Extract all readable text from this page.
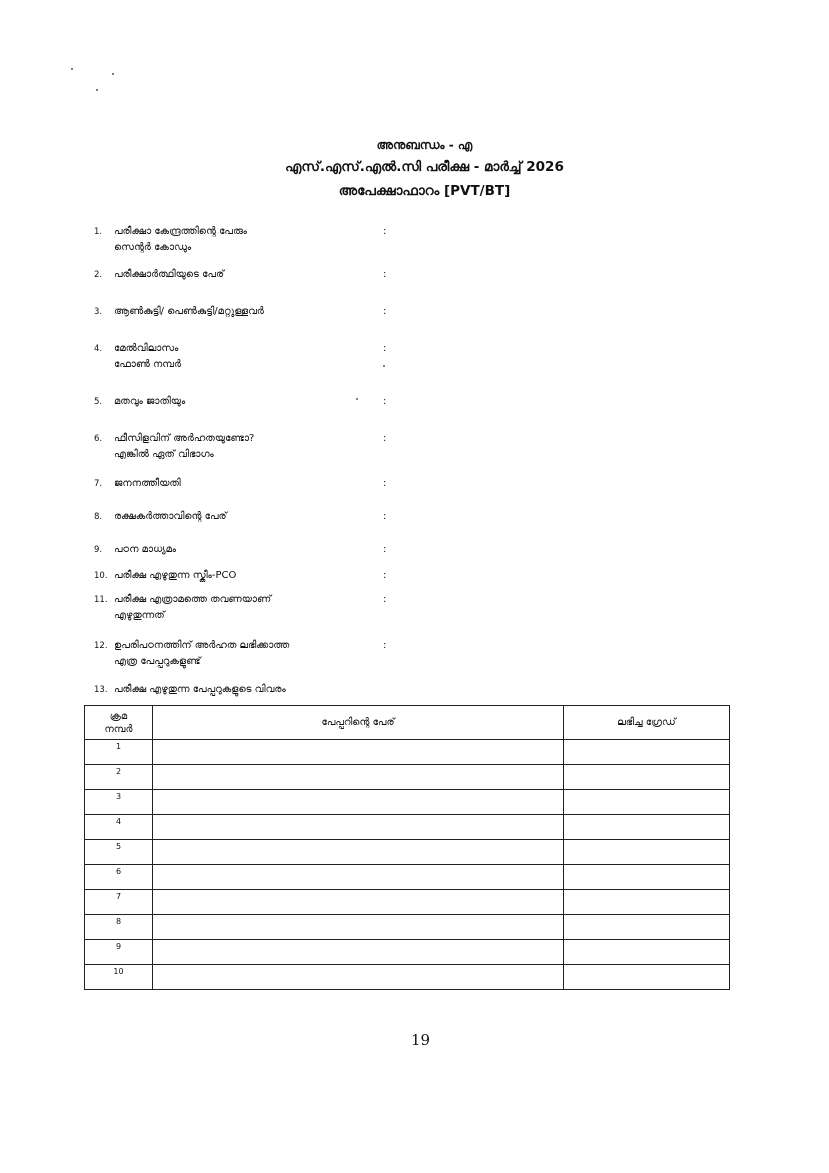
അനുബന്ധം - എ
എസ്.എസ്.എൽ.സി പരീക്ഷ - മാർച്ച് 2026
അപേക്ഷാഫാറം [PVT/BT]
1.	പരീക്ഷാ കേന്ദ്രത്തിന്റെ പേരും
സെന്റർ കോഡും
:
2.	പരീക്ഷാർത്ഥിയുടെ പേര്	:
3.	ആൺകുട്ടി/ പെൺകുട്ടി/മറ്റുള്ളവർ	:
4.	മേൽവിലാസം
ഫോൺ നമ്പർ
:
5.	മതവും ജാതിയും	:
6.	ഫീസിളവിന് അർഹതയുണ്ടോ?
എങ്കിൽ ഏത് വിഭാഗം
:
7.	ജനനത്തീയതി	:
8.	രക്ഷകർത്താവിന്റെ പേര്	:
9.	പഠന മാധ്യമം	:
10. പരീക്ഷ എഴുതുന്ന സ്കീം-PCO	:
11. പരീക്ഷ എത്രാമത്തെ തവണയാണ്
എഴുതുന്നത്
:
12. ഉപരിപഠനത്തിന് അർഹത ലഭിക്കാത്ത
എത്ര പേപ്പറുകളുണ്ട്
:
13. പരീക്ഷ എഴുതുന്ന പേപ്പറുകളുടെ വിവരം
ക്രമ
നമ്പർ	പേപ്പറിന്റെ പേര്	ലഭിച്ച ഗ്രേഡ്
1		
2		
3		
4		
5		
6		
7		
8		
9		
10		
19
